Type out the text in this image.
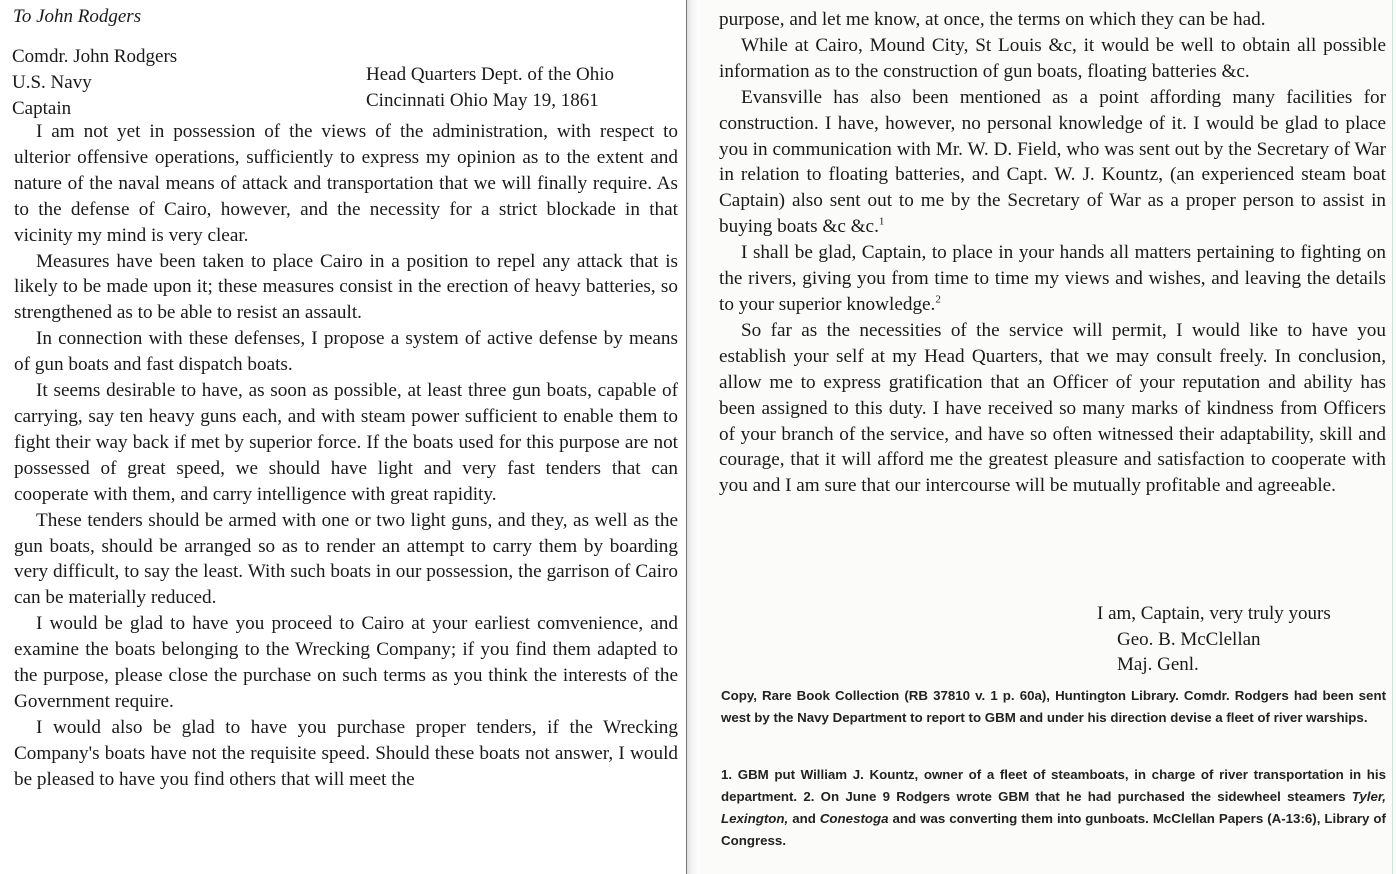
To John Rodgers
Comdr. John Rodgers
U.S. Navy
Captain
Head Quarters Dept. of the Ohio
Cincinnati Ohio May 19, 1861

I am not yet in possession of the views of the administration, with respect to ulterior offensive operations, sufficiently to express my opinion as to the extent and nature of the naval means of attack and transportation that we will finally require. As to the defense of Cairo, however, and the necessity for a strict blockade in that vicinity my mind is very clear.

Measures have been taken to place Cairo in a position to repel any attack that is likely to be made upon it; these measures consist in the erection of heavy batteries, so strengthened as to be able to resist an assault.

In connection with these defenses, I propose a system of active defense by means of gun boats and fast dispatch boats.

It seems desirable to have, as soon as possible, at least three gun boats, capable of carrying, say ten heavy guns each, and with steam power sufficient to enable them to fight their way back if met by superior force. If the boats used for this purpose are not possessed of great speed, we should have light and very fast tenders that can cooperate with them, and carry intelligence with great rapidity.

These tenders should be armed with one or two light guns, and they, as well as the gun boats, should be arranged so as to render an attempt to carry them by boarding very difficult, to say the least. With such boats in our possession, the garrison of Cairo can be materially reduced.

I would be glad to have you proceed to Cairo at your earliest comvenience, and examine the boats belonging to the Wrecking Company; if you find them adapted to the purpose, please close the purchase on such terms as you think the interests of the Government require.

I would also be glad to have you purchase proper tenders, if the Wrecking Company's boats have not the requisite speed. Should these boats not answer, I would be pleased to have you find others that will meet the

purpose, and let me know, at once, the terms on which they can be had.

While at Cairo, Mound City, St Louis &c, it would be well to obtain all possible information as to the construction of gun boats, floating batteries &c.

Evansville has also been mentioned as a point affording many facilities for construction. I have, however, no personal knowledge of it. I would be glad to place you in communication with Mr. W. D. Field, who was sent out by the Secretary of War in relation to floating batteries, and Capt. W. J. Kountz, (an experienced steam boat Captain) also sent out to me by the Secretary of War as a proper person to assist in buying boats &c &c.$^1$

I shall be glad, Captain, to place in your hands all matters pertaining to fighting on the rivers, giving you from time to time my views and wishes, and leaving the details to your superior knowledge.$^2$

So far as the necessities of the service will permit, I would like to have you establish your self at my Head Quarters, that we may consult freely. In conclusion, allow me to express gratification that an Officer of your reputation and ability has been assigned to this duty. I have received so many marks of kindness from Officers of your branch of the service, and have so often witnessed their adaptability, skill and courage, that it will afford me the greatest pleasure and satisfaction to cooperate with you and I am sure that our intercourse will be mutually profitable and agreeable.

I am, Captain, very truly yours
Geo. B. McClellan
Maj. Genl.

Copy, Rare Book Collection (RB 37810 v. 1 p. 60a), Huntington Library. Comdr. Rodgers had been sent west by the Navy Department to report to GBM and under his direction devise a fleet of river warships.

1. GBM put William J. Kountz, owner of a fleet of steamboats, in charge of river transportation in his department. 2. On June 9 Rodgers wrote GBM that he had purchased the sidewheel steamers Tyler, Lexington, and Conestoga and was converting them into gunboats. McClellan Papers (A-13:6), Library of Congress.
